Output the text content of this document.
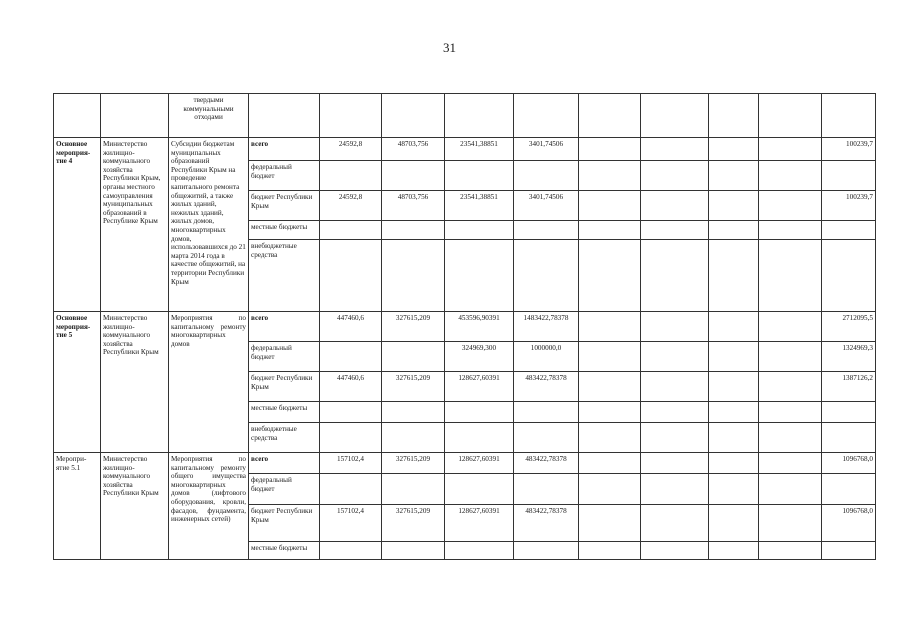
31
		твердыми коммунальными отходами										
Основное мероприя-тие 4	Министерство жилищно-коммунального хозяйства Республики Крым, органы местного самоуправления муниципальных образований в Республике Крым	Субсидии бюджетам муниципальных образований Республики Крым на проведение капитального ремонта общежитий, а также жилых зданий, нежилых зданий, жилых домов, многоквартирных домов, использовавшихся до 21 марта 2014 года в качестве общежитий, на территории Республики Крым	всего	24592,8	48703,756	23541,38851	3401,74506					100239,7
			федеральный бюджет									
			бюджет Республики Крым	24592,8	48703,756	23541,38851	3401,74506					100239,7
			местные бюджеты									
			внебюджетные средства									
Основное мероприя-тие 5	Министерство жилищно-коммунального хозяйства Республики Крым	Мероприятия по капитальному ремонту многоквартирных домов	всего	447460,6	327615,209	453596,90391	1483422,78378					2712095,5
			федеральный бюджет			324969,300	1000000,0					1324969,3
			бюджет Республики Крым	447460,6	327615,209	128627,60391	483422,78378					1387126,2
			местные бюджеты									
			внебюджетные средства									
Меропри-ятие 5.1	Министерство жилищно-коммунального хозяйства Республики Крым	Мероприятия по капитальному ремонту общего имущества многоквартирных домов (лифтового оборудования, кровли, фасадов, фундамента, инженерных сетей)	всего	157102,4	327615,209	128627,60391	483422,78378					1096768,0
			федеральный бюджет									
			бюджет Республики Крым	157102,4	327615,209	128627,60391	483422,78378					1096768,0
			местные бюджеты									
